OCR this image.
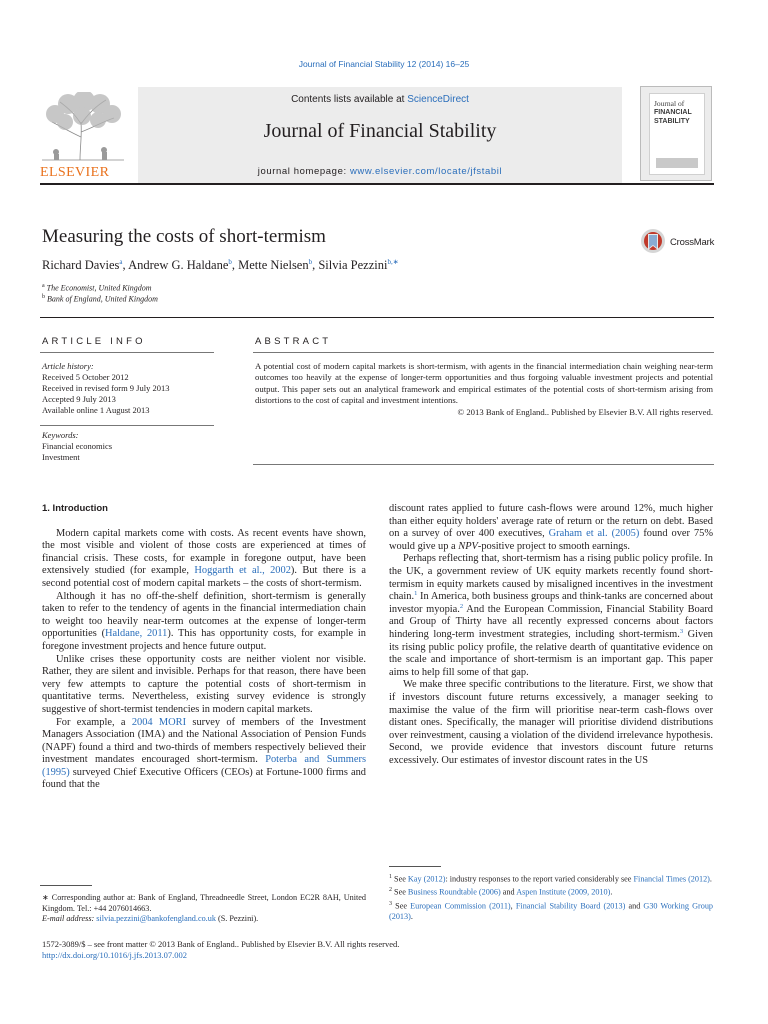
Journal of Financial Stability 12 (2014) 16–25
ELSEVIER
Contents lists available at ScienceDirect
Journal of Financial Stability
journal homepage: www.elsevier.com/locate/jfstabil
Journal of
FINANCIAL
STABILITY
Measuring the costs of short-termism	CrossMark
Richard Davies$^a$, Andrew G. Haldane$^b$, Mette Nielsen$^b$, Silvia Pezzini$^{b,∗}$
$^a$ The Economist, United Kingdom
$^b$ Bank of England, United Kingdom
ARTICLE INFO
Article history:
Received 5 October 2012
Received in revised form 9 July 2013
Accepted 9 July 2013
Available online 1 August 2013
Keywords:
Financial economics
Investment
ABSTRACT
A potential cost of modern capital markets is short-termism, with agents in the financial intermediation chain weighing near-term outcomes too heavily at the expense of longer-term opportunities and thus forgoing valuable investment projects and potential output. This paper sets out an analytical framework and empirical estimates of the potential costs of short-termism arising from distortions to the cost of capital and investment intentions.
© 2013 Bank of England.. Published by Elsevier B.V. All rights reserved.
1. Introduction

Modern capital markets come with costs. As recent events have shown, the most visible and violent of those costs are experienced at times of financial crisis. These costs, for example in foregone output, have been extensively studied (for example, Hoggarth et al., 2002). But there is a second potential cost of modern capital markets – the costs of short-termism.

Although it has no off-the-shelf definition, short-termism is generally taken to refer to the tendency of agents in the financial intermediation chain to weight too heavily near-term outcomes at the expense of longer-term opportunities (Haldane, 2011). This has opportunity costs, for example in foregone investment projects and hence future output.

Unlike crises these opportunity costs are neither violent nor visible. Rather, they are silent and invisible. Perhaps for that reason, there have been very few attempts to capture the potential costs of short-termism in quantitative terms. Nevertheless, existing survey evidence is strongly suggestive of short-termist tendencies in modern capital markets.

For example, a 2004 MORI survey of members of the Investment Managers Association (IMA) and the National Association of Pension Funds (NAPF) found a third and two-thirds of members respectively believed their investment mandates encouraged short-termism. Poterba and Summers (1995) surveyed Chief Executive Officers (CEOs) at Fortune-1000 firms and found that the

discount rates applied to future cash-flows were around 12%, much higher than either equity holders' average rate of return or the return on debt. Based on a survey of over 400 executives, Graham et al. (2005) found over 75% would give up a NPV-positive project to smooth earnings.

Perhaps reflecting that, short-termism has a rising public policy profile. In the UK, a government review of UK equity markets recently found short-termism in equity markets caused by misaligned incentives in the investment chain.$^1$ In America, both business groups and think-tanks are concerned about investor myopia.$^2$ And the European Commission, Financial Stability Board and Group of Thirty have all recently expressed concerns about factors hindering long-term investment strategies, including short-termism.$^3$ Given its rising public policy profile, the relative dearth of quantitative evidence on the scale and importance of short-termism is an important gap. This paper aims to help fill some of that gap.

We make three specific contributions to the literature. First, we show that if investors discount future returns excessively, a manager seeking to maximise the value of the firm will prioritise near-term cash-flows over distant ones. Specifically, the manager will prioritise dividend distributions over reinvestment, causing a violation of the dividend irrelevance hypothesis. Second, we provide evidence that investors discount future returns excessively. Our estimates of investor discount rates in the US

∗ Corresponding author at: Bank of England, Threadneedle Street, London EC2R 8AH, United Kingdom. Tel.: +44 2076014663.
E-mail address: silvia.pezzini@bankofengland.co.uk (S. Pezzini).
$^1$ See Kay (2012): industry responses to the report varied considerably see Financial Times (2012).
$^2$ See Business Roundtable (2006) and Aspen Institute (2009, 2010).
$^3$ See European Commission (2011), Financial Stability Board (2013) and G30 Working Group (2013).
1572-3089/$ – see front matter © 2013 Bank of England.. Published by Elsevier B.V. All rights reserved.
http://dx.doi.org/10.1016/j.jfs.2013.07.002
